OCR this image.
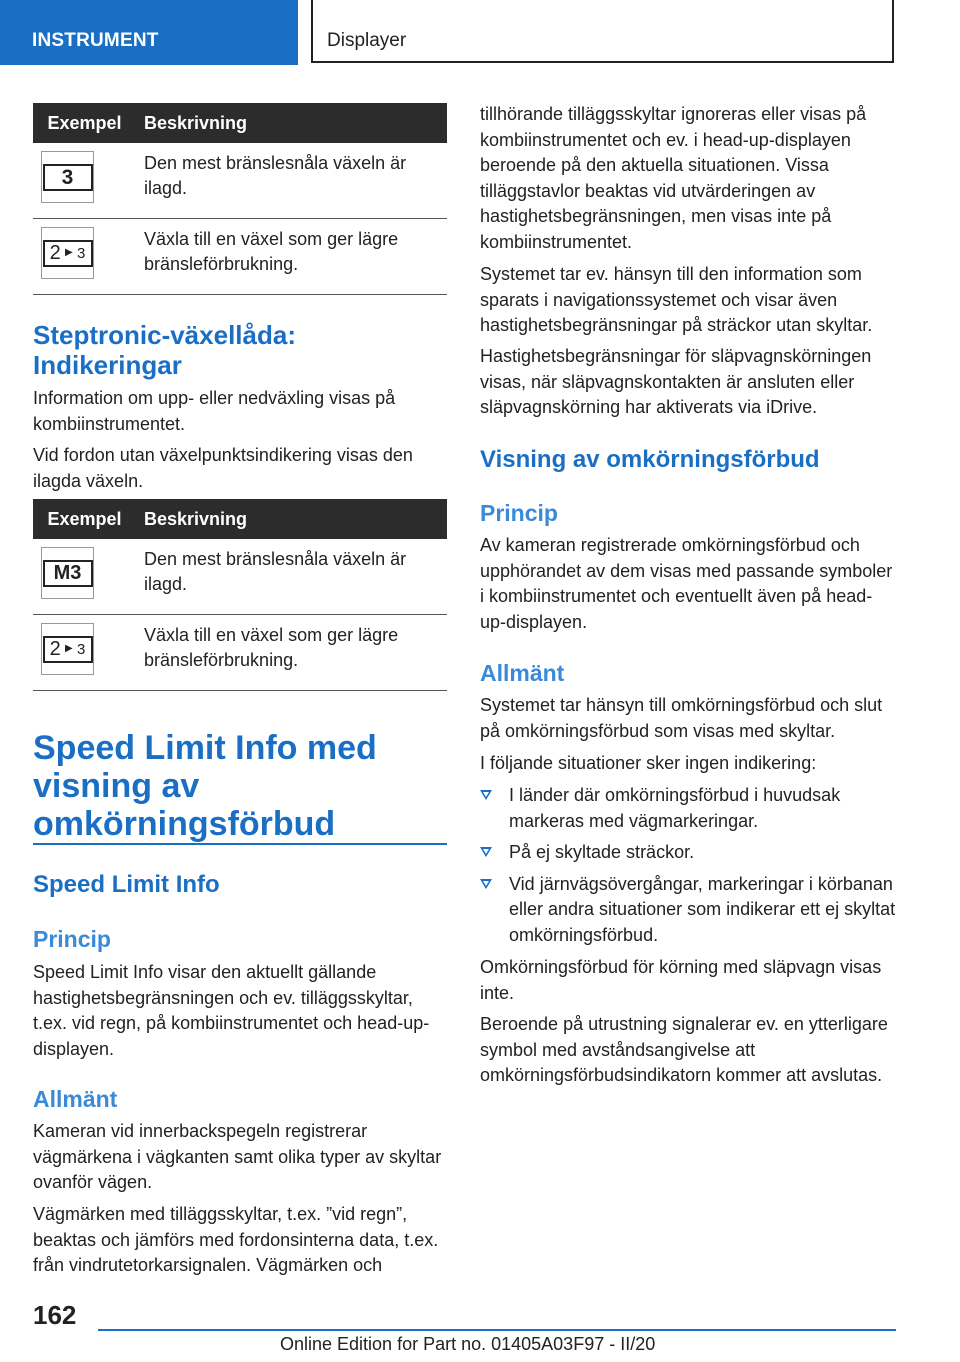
INSTRUMENT	Displayer
Exempel	Beskrivning

3	Den mest bränslesnåla växeln är ilagd.

2 ▶ 3	Växla till en växel som ger lägre bränsleförbrukning.
Steptronic-växellåda: Indikeringar

Information om upp- eller nedväxling visas på kombiinstrumentet.

Vid fordon utan växelpunktsindikering visas den ilagda växeln.

Exempel	Beskrivning

M3	Den mest bränslesnåla växeln är ilagd.

2 ▶ 3	Växla till en växel som ger lägre bränsleförbrukning.
Speed Limit Info med visning av omkörningsförbud
Speed Limit Info
Princip

Speed Limit Info visar den aktuellt gällande hastighetsbegränsningen och ev. tilläggsskyltar, t.ex. vid regn, på kombiinstrumentet och head-up-displayen.

Allmänt

Kameran vid innerbackspegeln registrerar vägmärkena i vägkanten samt olika typer av skyltar ovanför vägen.

Vägmärken med tilläggsskyltar, t.ex. ”vid regn”, beaktas och jämförs med fordonsinterna data, t.ex. från vindrutetorkarsignalen. Vägmärken och

tillhörande tilläggsskyltar ignoreras eller visas på kombiinstrumentet och ev. i head-up-displayen beroende på den aktuella situationen. Vissa tilläggstavlor beaktas vid utvärderingen av hastighetsbegränsningen, men visas inte på kombiinstrumentet.

Systemet tar ev. hänsyn till den information som sparats i navigationssystemet och visar även hastighetsbegränsningar på sträckor utan skyltar.

Hastighetsbegränsningar för släpvagnskörningen visas, när släpvagnskontakten är ansluten eller släpvagnskörning har aktiverats via iDrive.

Visning av omkörningsförbud
Princip

Av kameran registrerade omkörningsförbud och upphörandet av dem visas med passande symboler i kombiinstrumentet och eventuellt även på head-up-displayen.

Allmänt

Systemet tar hänsyn till omkörningsförbud och slut på omkörningsförbud som visas med skyltar.

I följande situationer sker ingen indikering:

I länder där omkörningsförbud i huvudsak markeras med vägmarkeringar.
På ej skyltade sträckor.
Vid järnvägsövergångar, markeringar i körbanan eller andra situationer som indikerar ett ej skyltat omkörningsförbud.

Omkörningsförbud för körning med släpvagn visas inte.

Beroende på utrustning signalerar ev. en ytterligare symbol med avståndsangivelse att omkörningsförbudsindikatorn kommer att avslutas.

162
Online Edition for Part no. 01405A03F97 - II/20
